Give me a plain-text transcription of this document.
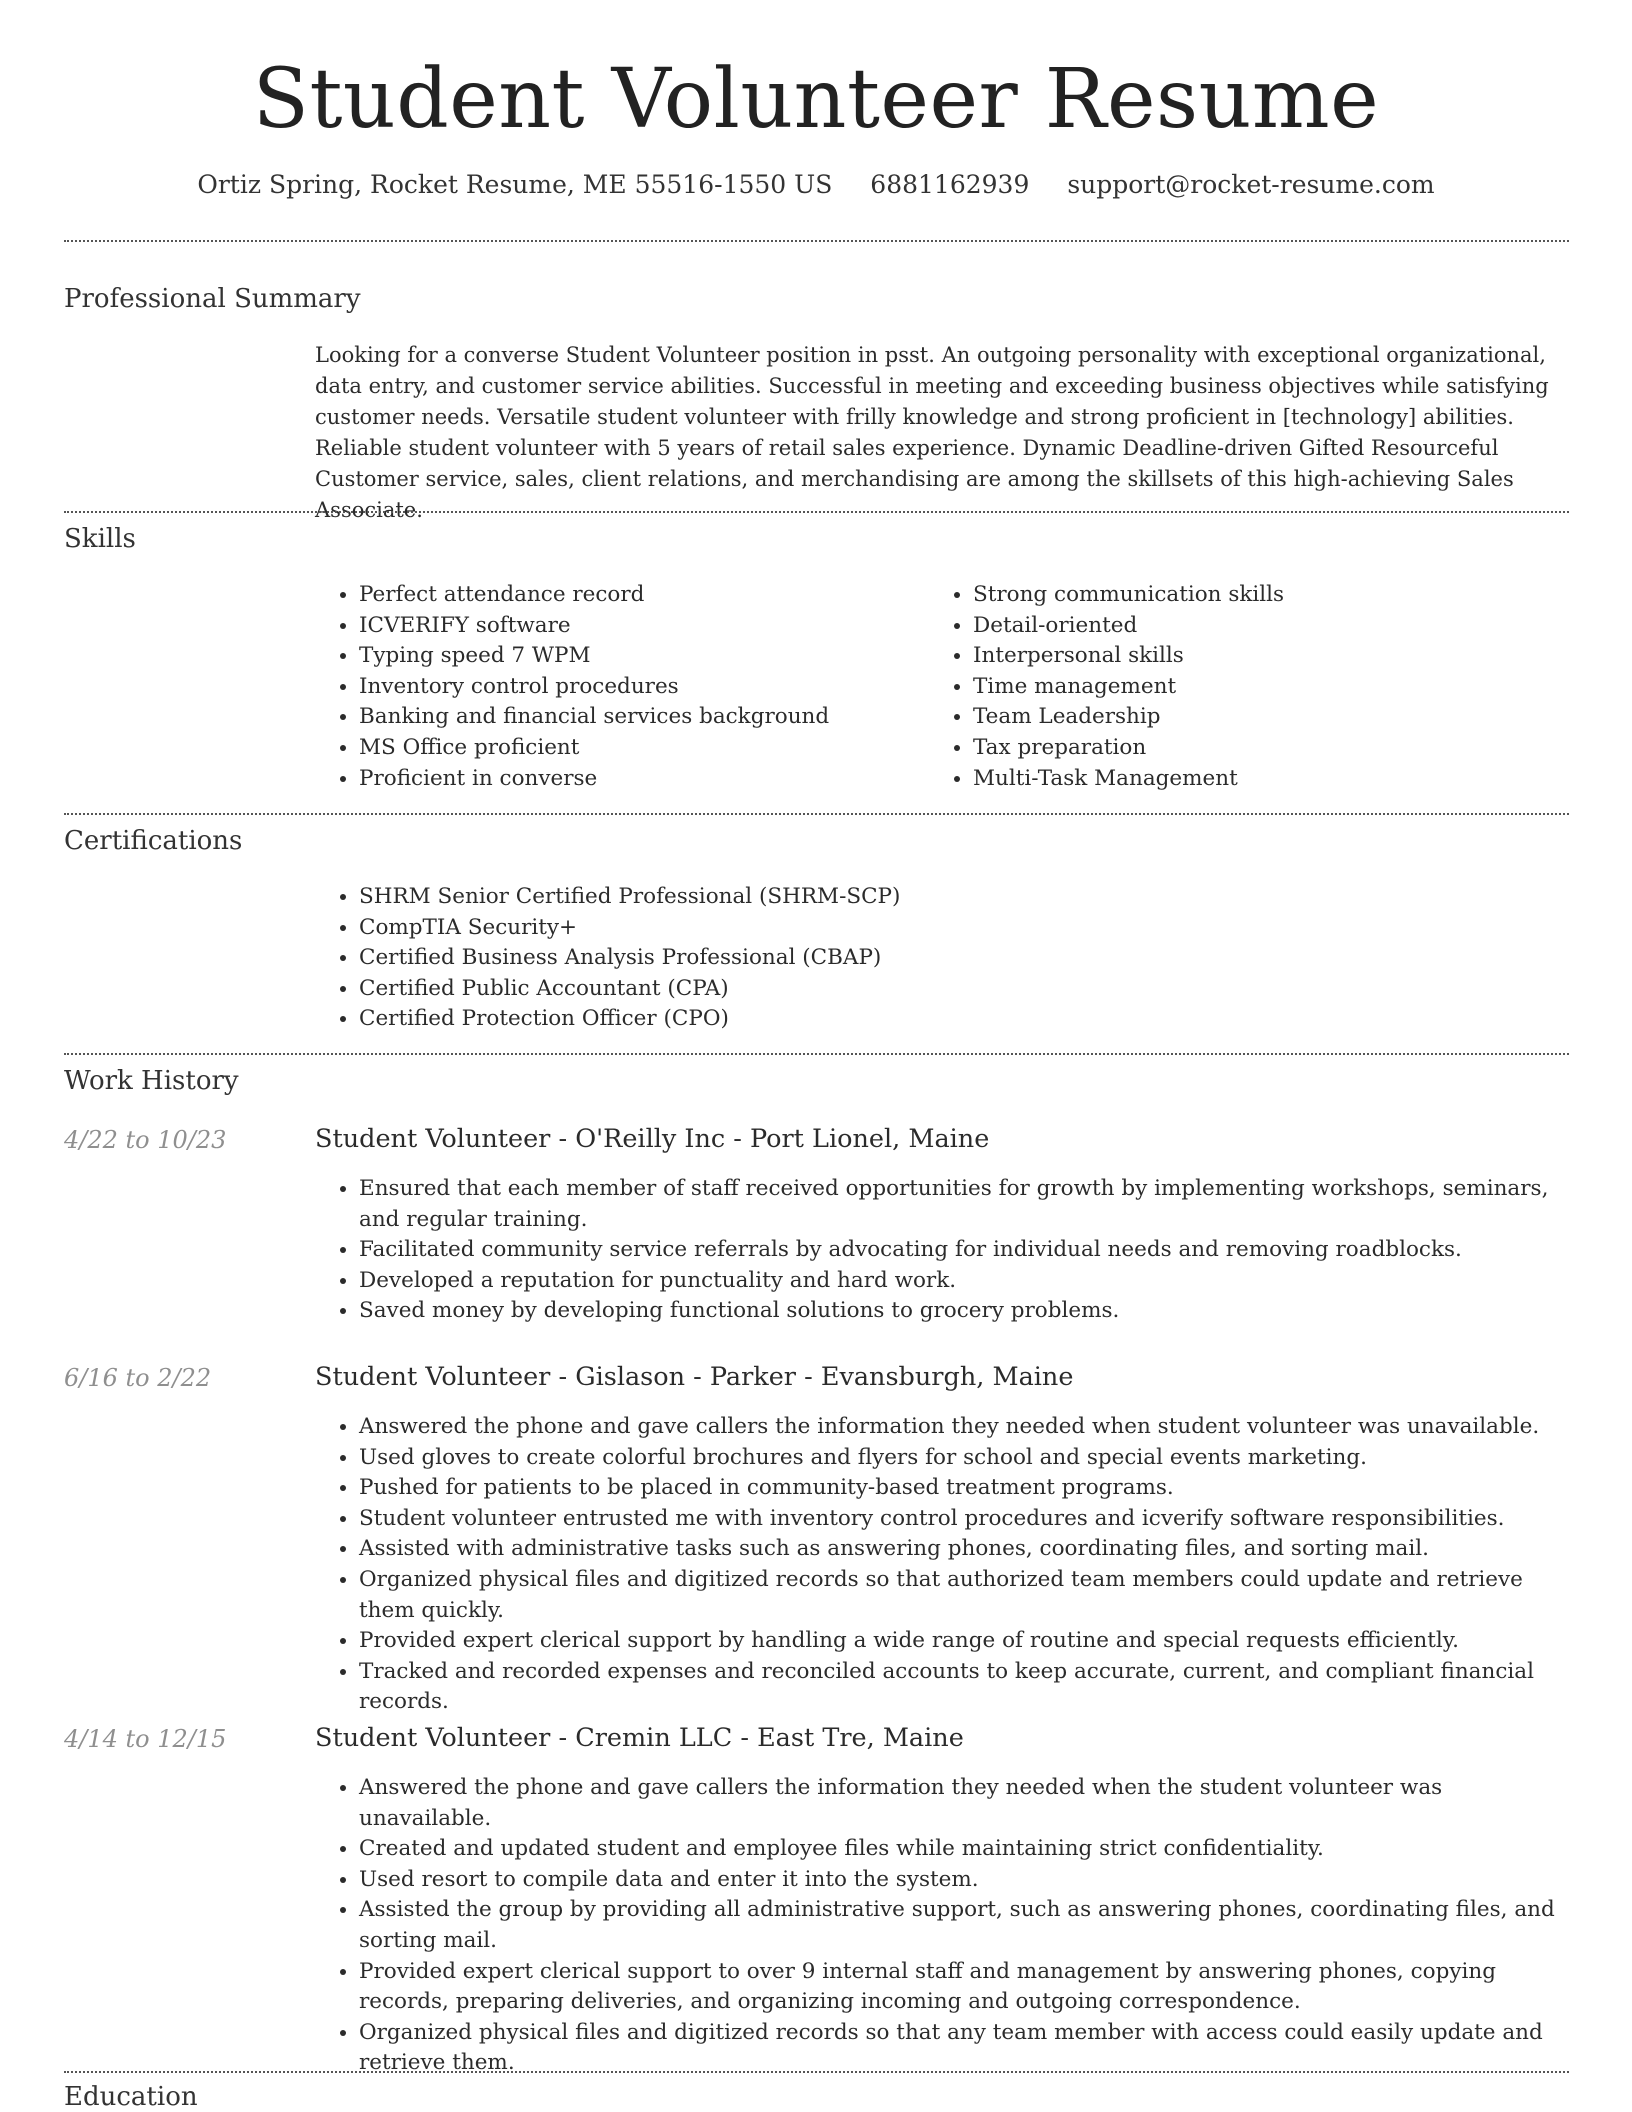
Student Volunteer Resume
Ortiz Spring, Rocket Resume, ME 55516-1550 US 6881162939 support@rocket-resume.com
Professional Summary
Looking for a converse Student Volunteer position in psst. An outgoing personality with exceptional organizational, data entry, and customer service abilities. Successful in meeting and exceeding business objectives while satisfying customer needs. Versatile student volunteer with frilly knowledge and strong proficient in [technology] abilities. Reliable student volunteer with 5 years of retail sales experience. Dynamic Deadline-driven Gifted Resourceful Customer service, sales, client relations, and merchandising are among the skillsets of this high-achieving Sales Associate.
Skills
• Perfect attendance record
• ICVERIFY software
• Typing speed 7 WPM
• Inventory control procedures
• Banking and financial services background
• MS Office proficient
• Proficient in converse
• Strong communication skills
• Detail-oriented
• Interpersonal skills
• Time management
• Team Leadership
• Tax preparation
• Multi-Task Management
Certifications
• SHRM Senior Certified Professional (SHRM-SCP)
• CompTIA Security+
• Certified Business Analysis Professional (CBAP)
• Certified Public Accountant (CPA)
• Certified Protection Officer (CPO)
Work History
4/22 to 10/23	Student Volunteer - O'Reilly Inc - Port Lionel, Maine
• Ensured that each member of staff received opportunities for growth by implementing workshops, seminars, and regular training.
• Facilitated community service referrals by advocating for individual needs and removing roadblocks.
• Developed a reputation for punctuality and hard work.
• Saved money by developing functional solutions to grocery problems.
6/16 to 2/22	Student Volunteer - Gislason - Parker - Evansburgh, Maine
• Answered the phone and gave callers the information they needed when student volunteer was unavailable.
• Used gloves to create colorful brochures and flyers for school and special events marketing.
• Pushed for patients to be placed in community-based treatment programs.
• Student volunteer entrusted me with inventory control procedures and icverify software responsibilities.
• Assisted with administrative tasks such as answering phones, coordinating files, and sorting mail.
• Organized physical files and digitized records so that authorized team members could update and retrieve them quickly.
• Provided expert clerical support by handling a wide range of routine and special requests efficiently.
• Tracked and recorded expenses and reconciled accounts to keep accurate, current, and compliant financial records.
4/14 to 12/15	Student Volunteer - Cremin LLC - East Tre, Maine
• Answered the phone and gave callers the information they needed when the student volunteer was unavailable.
• Created and updated student and employee files while maintaining strict confidentiality.
• Used resort to compile data and enter it into the system.
• Assisted the group by providing all administrative support, such as answering phones, coordinating files, and sorting mail.
• Provided expert clerical support to over 9 internal staff and management by answering phones, copying records, preparing deliveries, and organizing incoming and outgoing correspondence.
• Organized physical files and digitized records so that any team member with access could easily update and retrieve them.
Education
